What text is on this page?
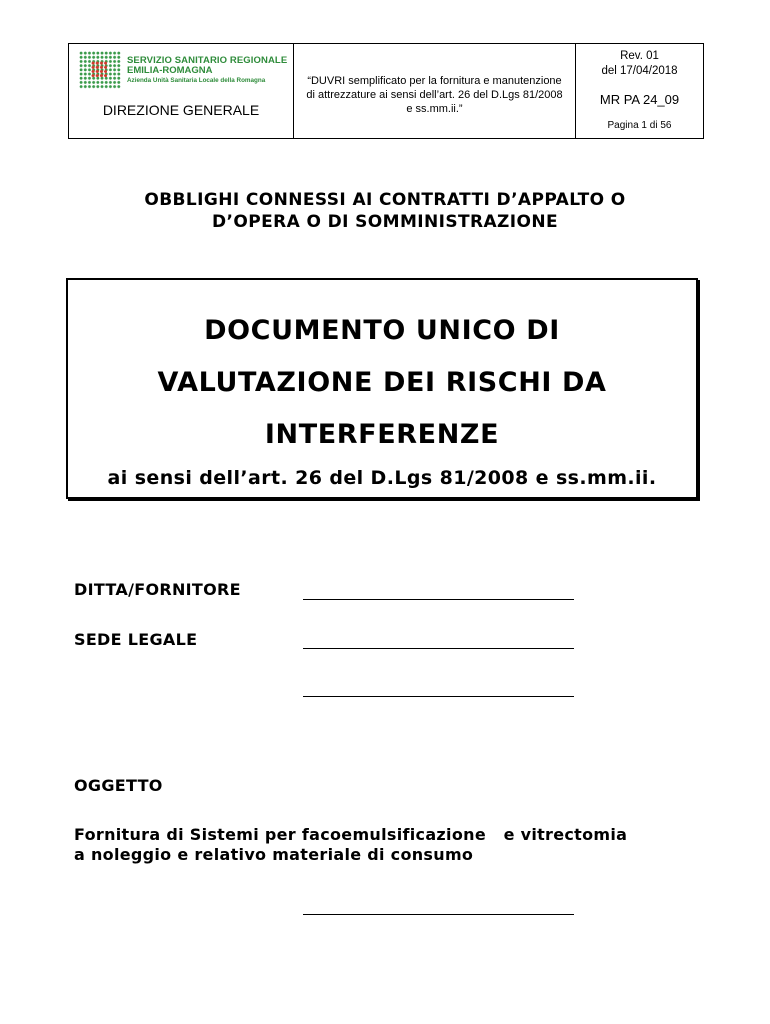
SERVIZIO SANITARIO REGIONALE
EMILIA-ROMAGNA
Azienda Unità Sanitaria Locale della Romagna
DIREZIONE GENERALE

“DUVRI semplificato per la fornitura e manutenzione di attrezzature ai sensi dell’art. 26 del D.Lgs 81/2008 e ss.mm.ii.”

Rev. 01
del 17/04/2018
MR PA 24_09
Pagina 1 di 56
OBBLIGHI CONNESSI AI CONTRATTI D’APPALTO O
D’OPERA O DI SOMMINISTRAZIONE
DOCUMENTO UNICO DI
VALUTAZIONE DEI RISCHI DA
INTERFERENZE
ai sensi dell’art. 26 del D.Lgs 81/2008 e ss.mm.ii.
DITTA/FORNITORE
SEDE LEGALE
OGGETTO
Fornitura di Sistemi per facoemulsificazione   e vitrectomia
a noleggio e relativo materiale di consumo
